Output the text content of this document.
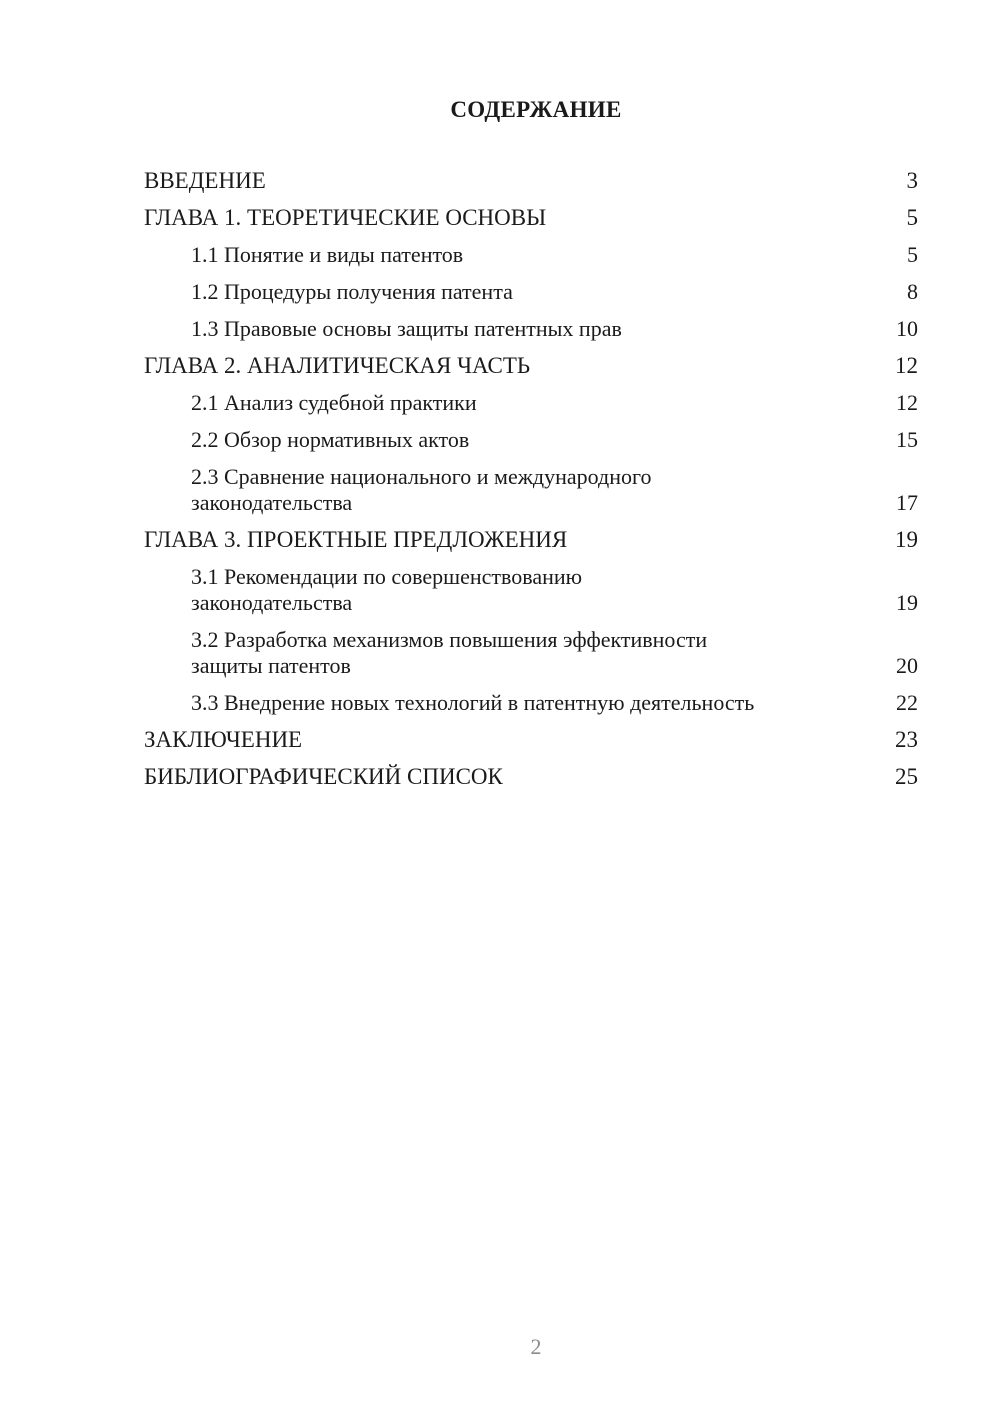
СОДЕРЖАНИЕ
ВВЕДЕНИЕ	3
ГЛАВА 1. ТЕОРЕТИЧЕСКИЕ ОСНОВЫ	5
1.1 Понятие и виды патентов	5
1.2 Процедуры получения патента	8
1.3 Правовые основы защиты патентных прав	10
ГЛАВА 2. АНАЛИТИЧЕСКАЯ ЧАСТЬ	12
2.1 Анализ судебной практики	12
2.2 Обзор нормативных актов	15
2.3 Сравнение национального и международного
законодательства	17
ГЛАВА 3. ПРОЕКТНЫЕ ПРЕДЛОЖЕНИЯ	19
3.1 Рекомендации по совершенствованию
законодательства	19
3.2 Разработка механизмов повышения эффективности
защиты патентов	20
3.3 Внедрение новых технологий в патентную деятельность	22
ЗАКЛЮЧЕНИЕ	23
БИБЛИОГРАФИЧЕСКИЙ СПИСОК	25
2
